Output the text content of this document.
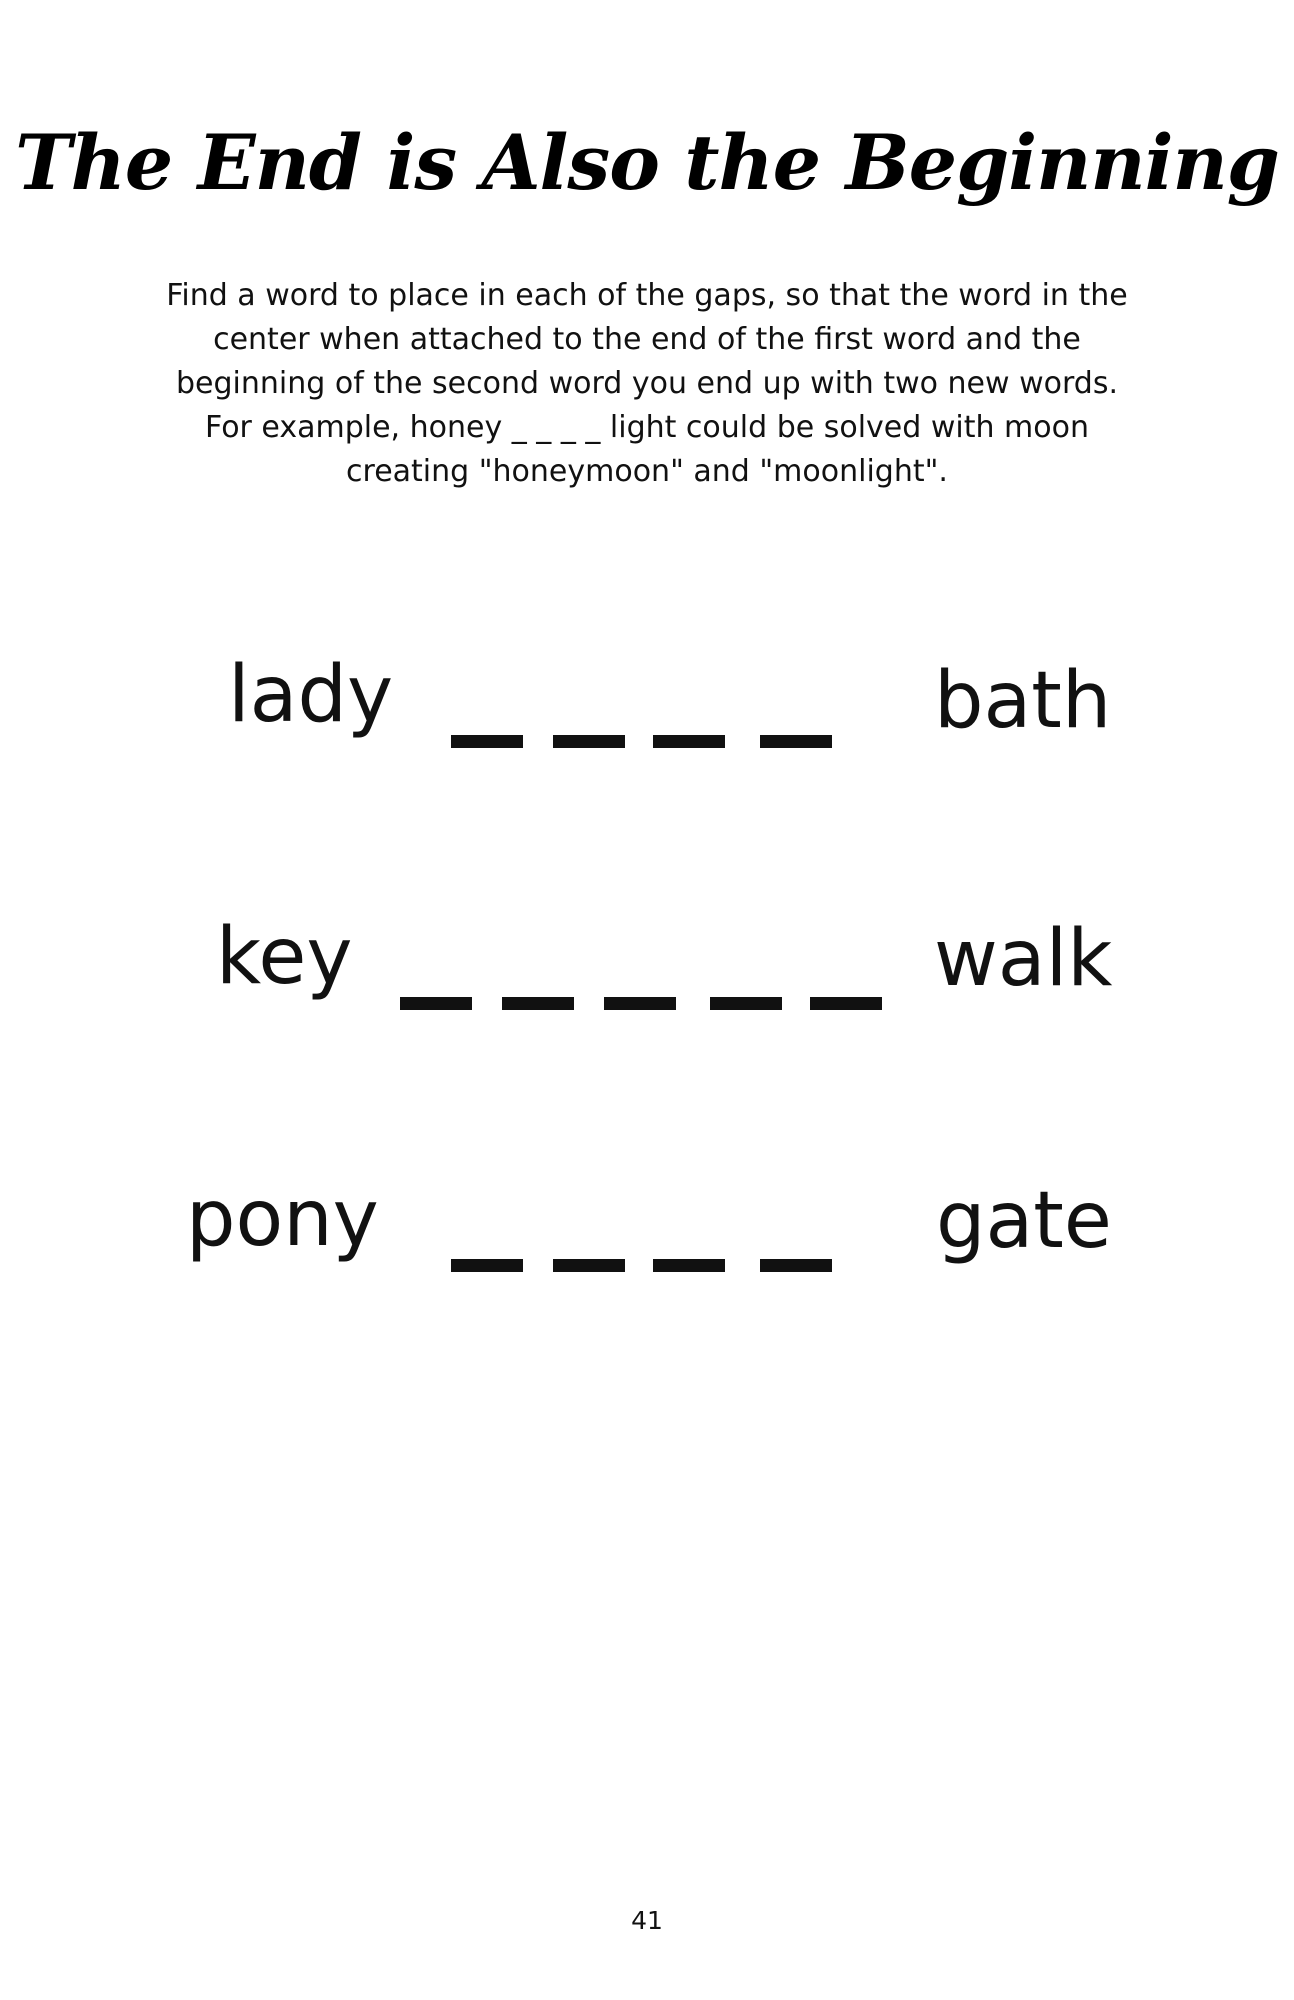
The End is Also the Beginning

Find a word to place in each of the gaps, so that the word in the center when attached to the end of the first word and the beginning of the second word you end up with two new words. For example, honey _ _ _ _ light could be solved with moon creating "honeymoon" and "moonlight".

lady	bath
key	walk
pony	gate
41
